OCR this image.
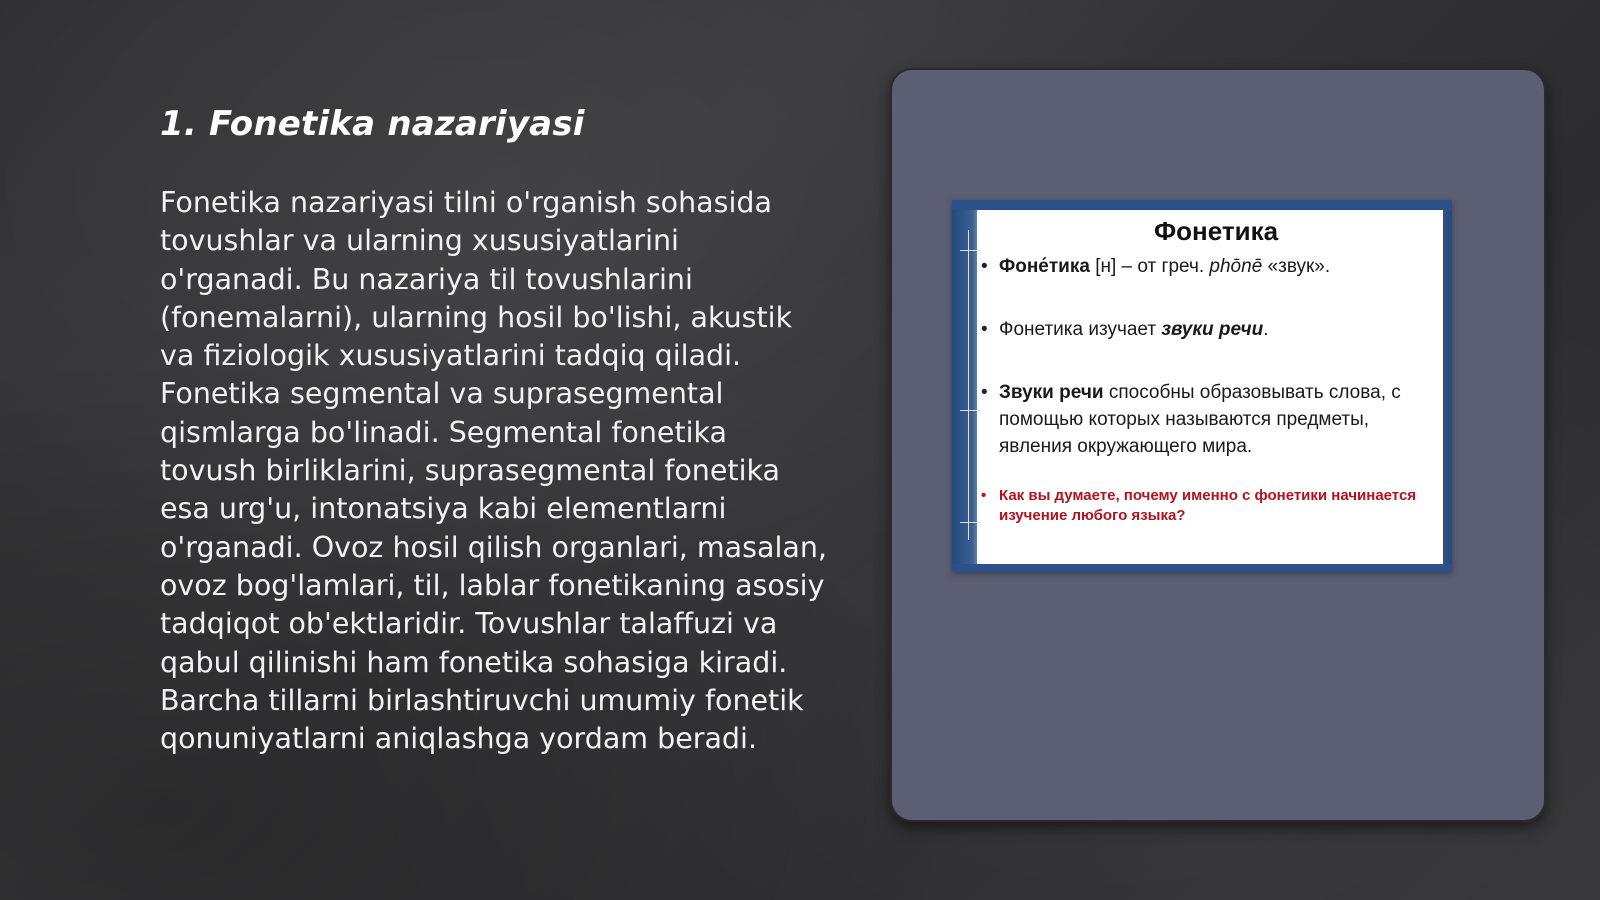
1. Fonetika nazariyasi

Fonetika nazariyasi tilni o'rganish sohasida tovushlar va ularning xususiyatlarini o'rganadi. Bu nazariya til tovushlarini (fonemalarni), ularning hosil bo'lishi, akustik va fiziologik xususiyatlarini tadqiq qiladi. Fonetika segmental va suprasegmental qismlarga bo'linadi. Segmental fonetika tovush birliklarini, suprasegmental fonetika esa urg'u, intonatsiya kabi elementlarni o'rganadi. Ovoz hosil qilish organlari, masalan, ovoz bog'lamlari, til, lablar fonetikaning asosiy tadqiqot ob'ektlaridir. Tovushlar talaffuzi va qabul qilinishi ham fonetika sohasiga kiradi. Barcha tillarni birlashtiruvchi umumiy fonetik qonuniyatlarni aniqlashga yordam beradi.

Фонетика

• Фоне́тика [н] – от греч. phōnē «звук».

• Фонетика изучает звуки речи.

• Звуки речи способны образовывать слова, с помощью которых называются предметы, явления окружающего мира.

• Как вы думаете, почему именно с фонетики начинается изучение любого языка?
